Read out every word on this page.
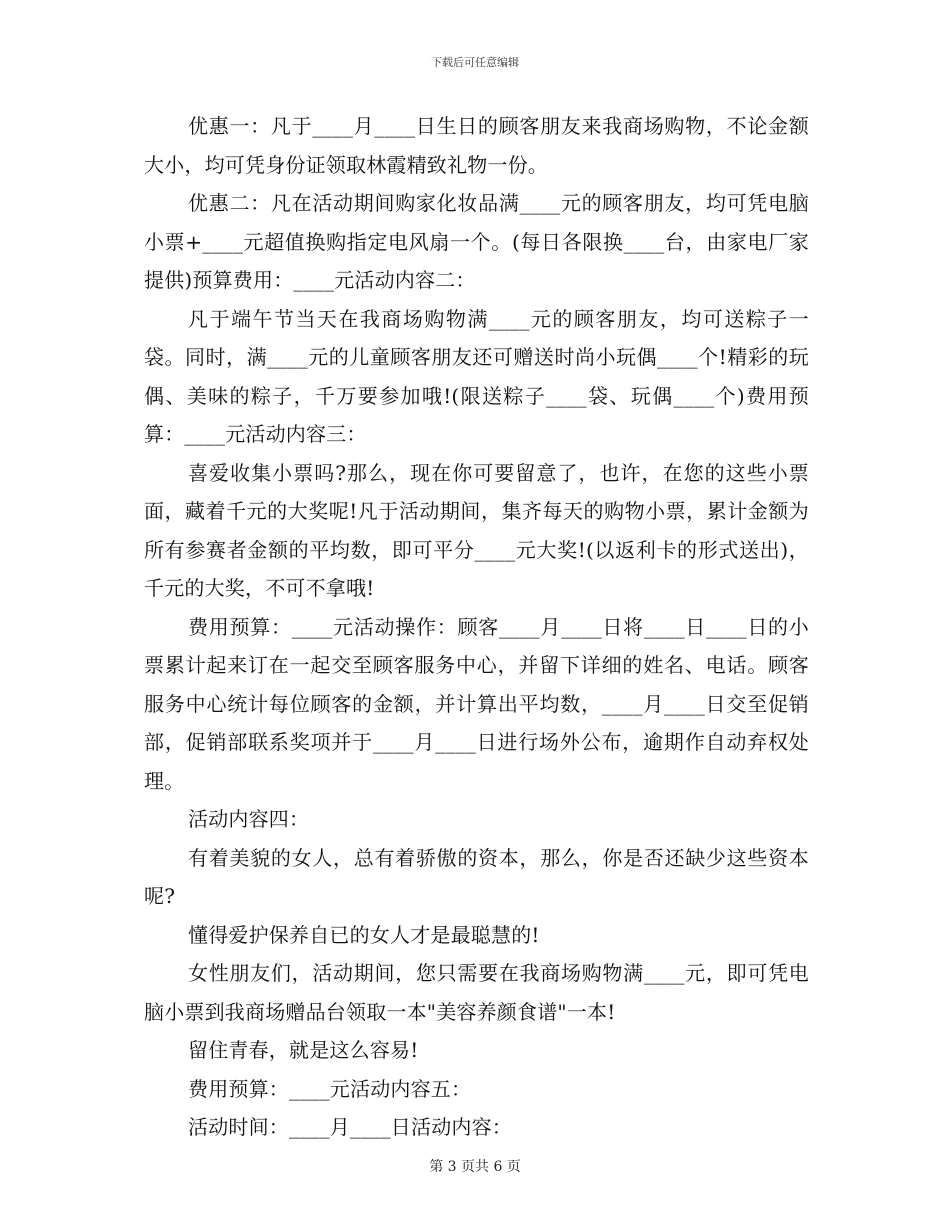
下载后可任意编辑

优惠一：凡于____月____日生日的顾客朋友来我商场购物，不论金额大小，均可凭身份证领取林霞精致礼物一份。

优惠二：凡在活动期间购家化妆品满____元的顾客朋友，均可凭电脑小票+____元超值换购指定电风扇一个。(每日各限换____台，由家电厂家提供)预算费用：____元活动内容二：

凡于端午节当天在我商场购物满____元的顾客朋友，均可送粽子一袋。同时，满____元的儿童顾客朋友还可赠送时尚小玩偶____个!精彩的玩偶、美味的粽子，千万要参加哦!(限送粽子____袋、玩偶____个)费用预算：____元活动内容三：

喜爱收集小票吗?那么，现在你可要留意了，也许，在您的这些小票面，藏着千元的大奖呢!凡于活动期间，集齐每天的购物小票，累计金额为所有参赛者金额的平均数，即可平分____元大奖!(以返利卡的形式送出)，千元的大奖，不可不拿哦!

费用预算：____元活动操作：顾客____月____日将____日____日的小票累计起来订在一起交至顾客服务中心，并留下详细的姓名、电话。顾客服务中心统计每位顾客的金额，并计算出平均数，____月____日交至促销部，促销部联系奖项并于____月____日进行场外公布，逾期作自动弃权处理。

活动内容四：

有着美貌的女人，总有着骄傲的资本，那么，你是否还缺少这些资本呢?

懂得爱护保养自已的女人才是最聪慧的!

女性朋友们，活动期间，您只需要在我商场购物满____元，即可凭电脑小票到我商场赠品台领取一本"美容养颜食谱"一本!

留住青春，就是这么容易!

费用预算：____元活动内容五：

活动时间：____月____日活动内容：

第 3 页共 6 页
